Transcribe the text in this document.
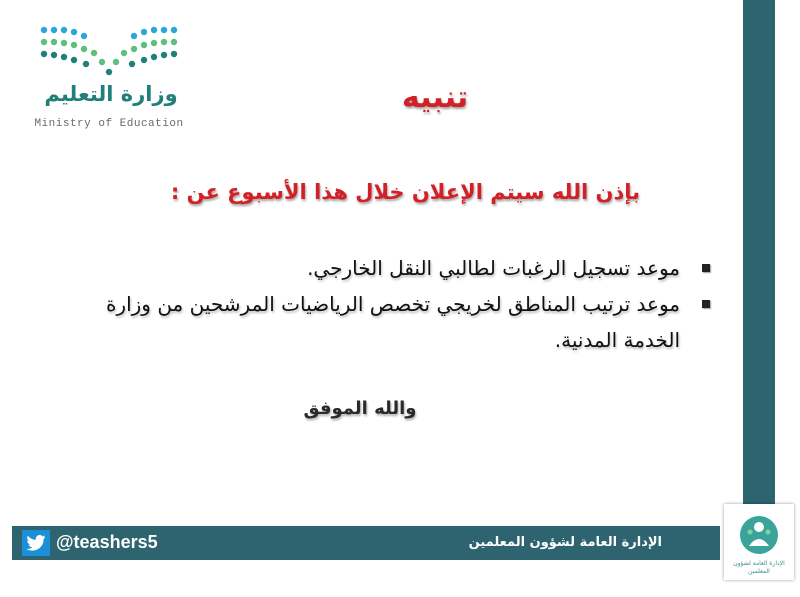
وزارة التعليم
Ministry of Education
تنبيه
بإذن الله سيتم الإعلان خلال هذا الأسبوع عن :
موعد تسجيل الرغبات لطالبي النقل الخارجي.
موعد ترتيب المناطق لخريجي تخصص الرياضيات المرشحين من وزارة الخدمة المدنية.
والله الموفق
@teashers5	الإدارة العامة لشؤون المعلمين
الإدارة العامة لشؤون المعلمين
